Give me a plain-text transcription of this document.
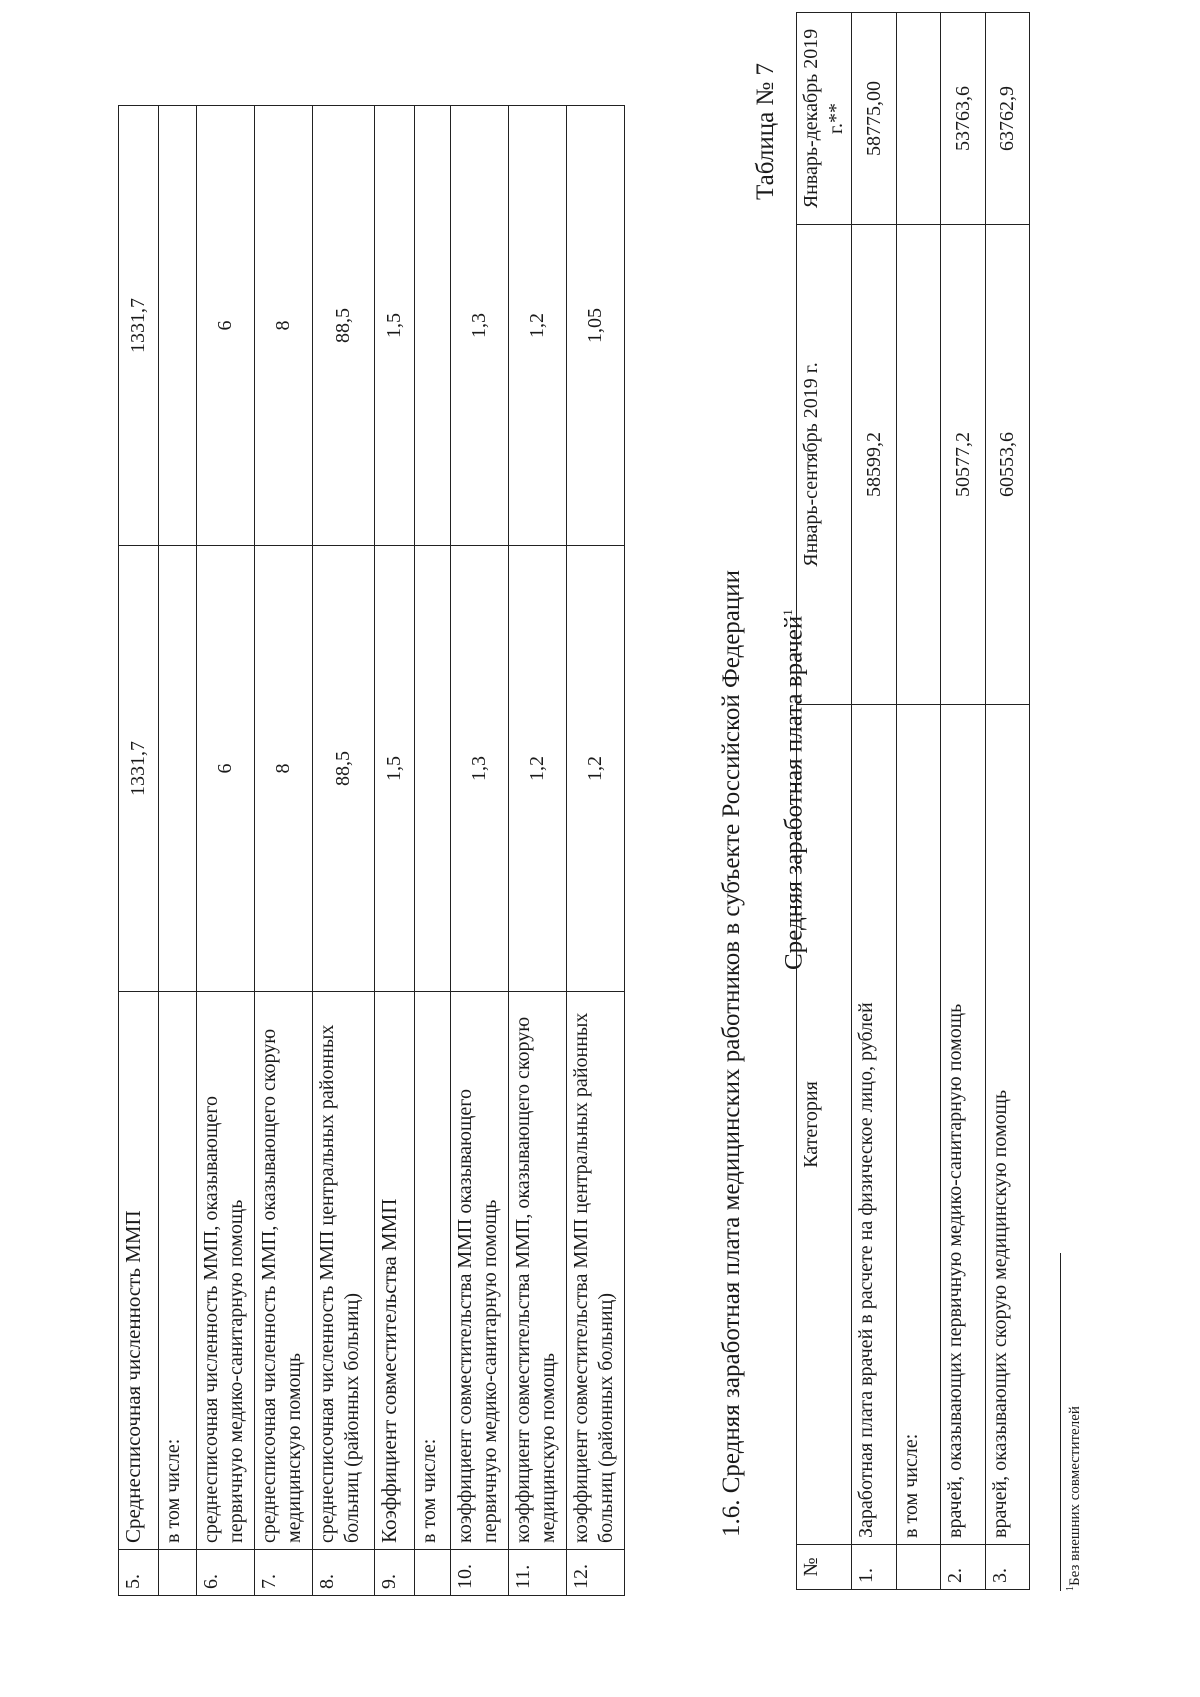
5.	Среднесписочная численность ММП	1331,7	1331,7
	в том числе:		
6.	среднесписочная численность ММП, оказывающего первичную медико-санитарную помощь	6	6
7.	среднесписочная численность ММП, оказывающего скорую медицинскую помощь	8	8
8.	среднесписочная численность ММП центральных районных больниц (районных больниц)	88,5	88,5
9.	Коэффициент совместительства ММП	1,5	1,5
	в том числе:		
10.	коэффициент совместительства ММП оказывающего первичную медико-санитарную помощь	1,3	1,3
11.	коэффициент совместительства ММП, оказывающего скорую медицинскую помощь	1,2	1,2
12.	коэффициент совместительства ММП центральных районных больниц (районных больниц)	1,2	1,05
1.6. Средняя заработная плата медицинских работников в субъекте Российской Федерации
Таблица № 7
Средняя заработная плата врачей$^1$
№	Категория	Январь-сентябрь 2019 г.	Январь-декабрь 2019 г.**
1.	Заработная плата врачей в расчете на физическое лицо, рублей	58599,2	58775,00
	в том числе:		
2.	врачей, оказывающих первичную медико-санитарную помощь	50577,2	53763,6
3.	врачей, оказывающих скорую медицинскую помощь	60553,6	63762,9
$^1$Без внешних совместителей
